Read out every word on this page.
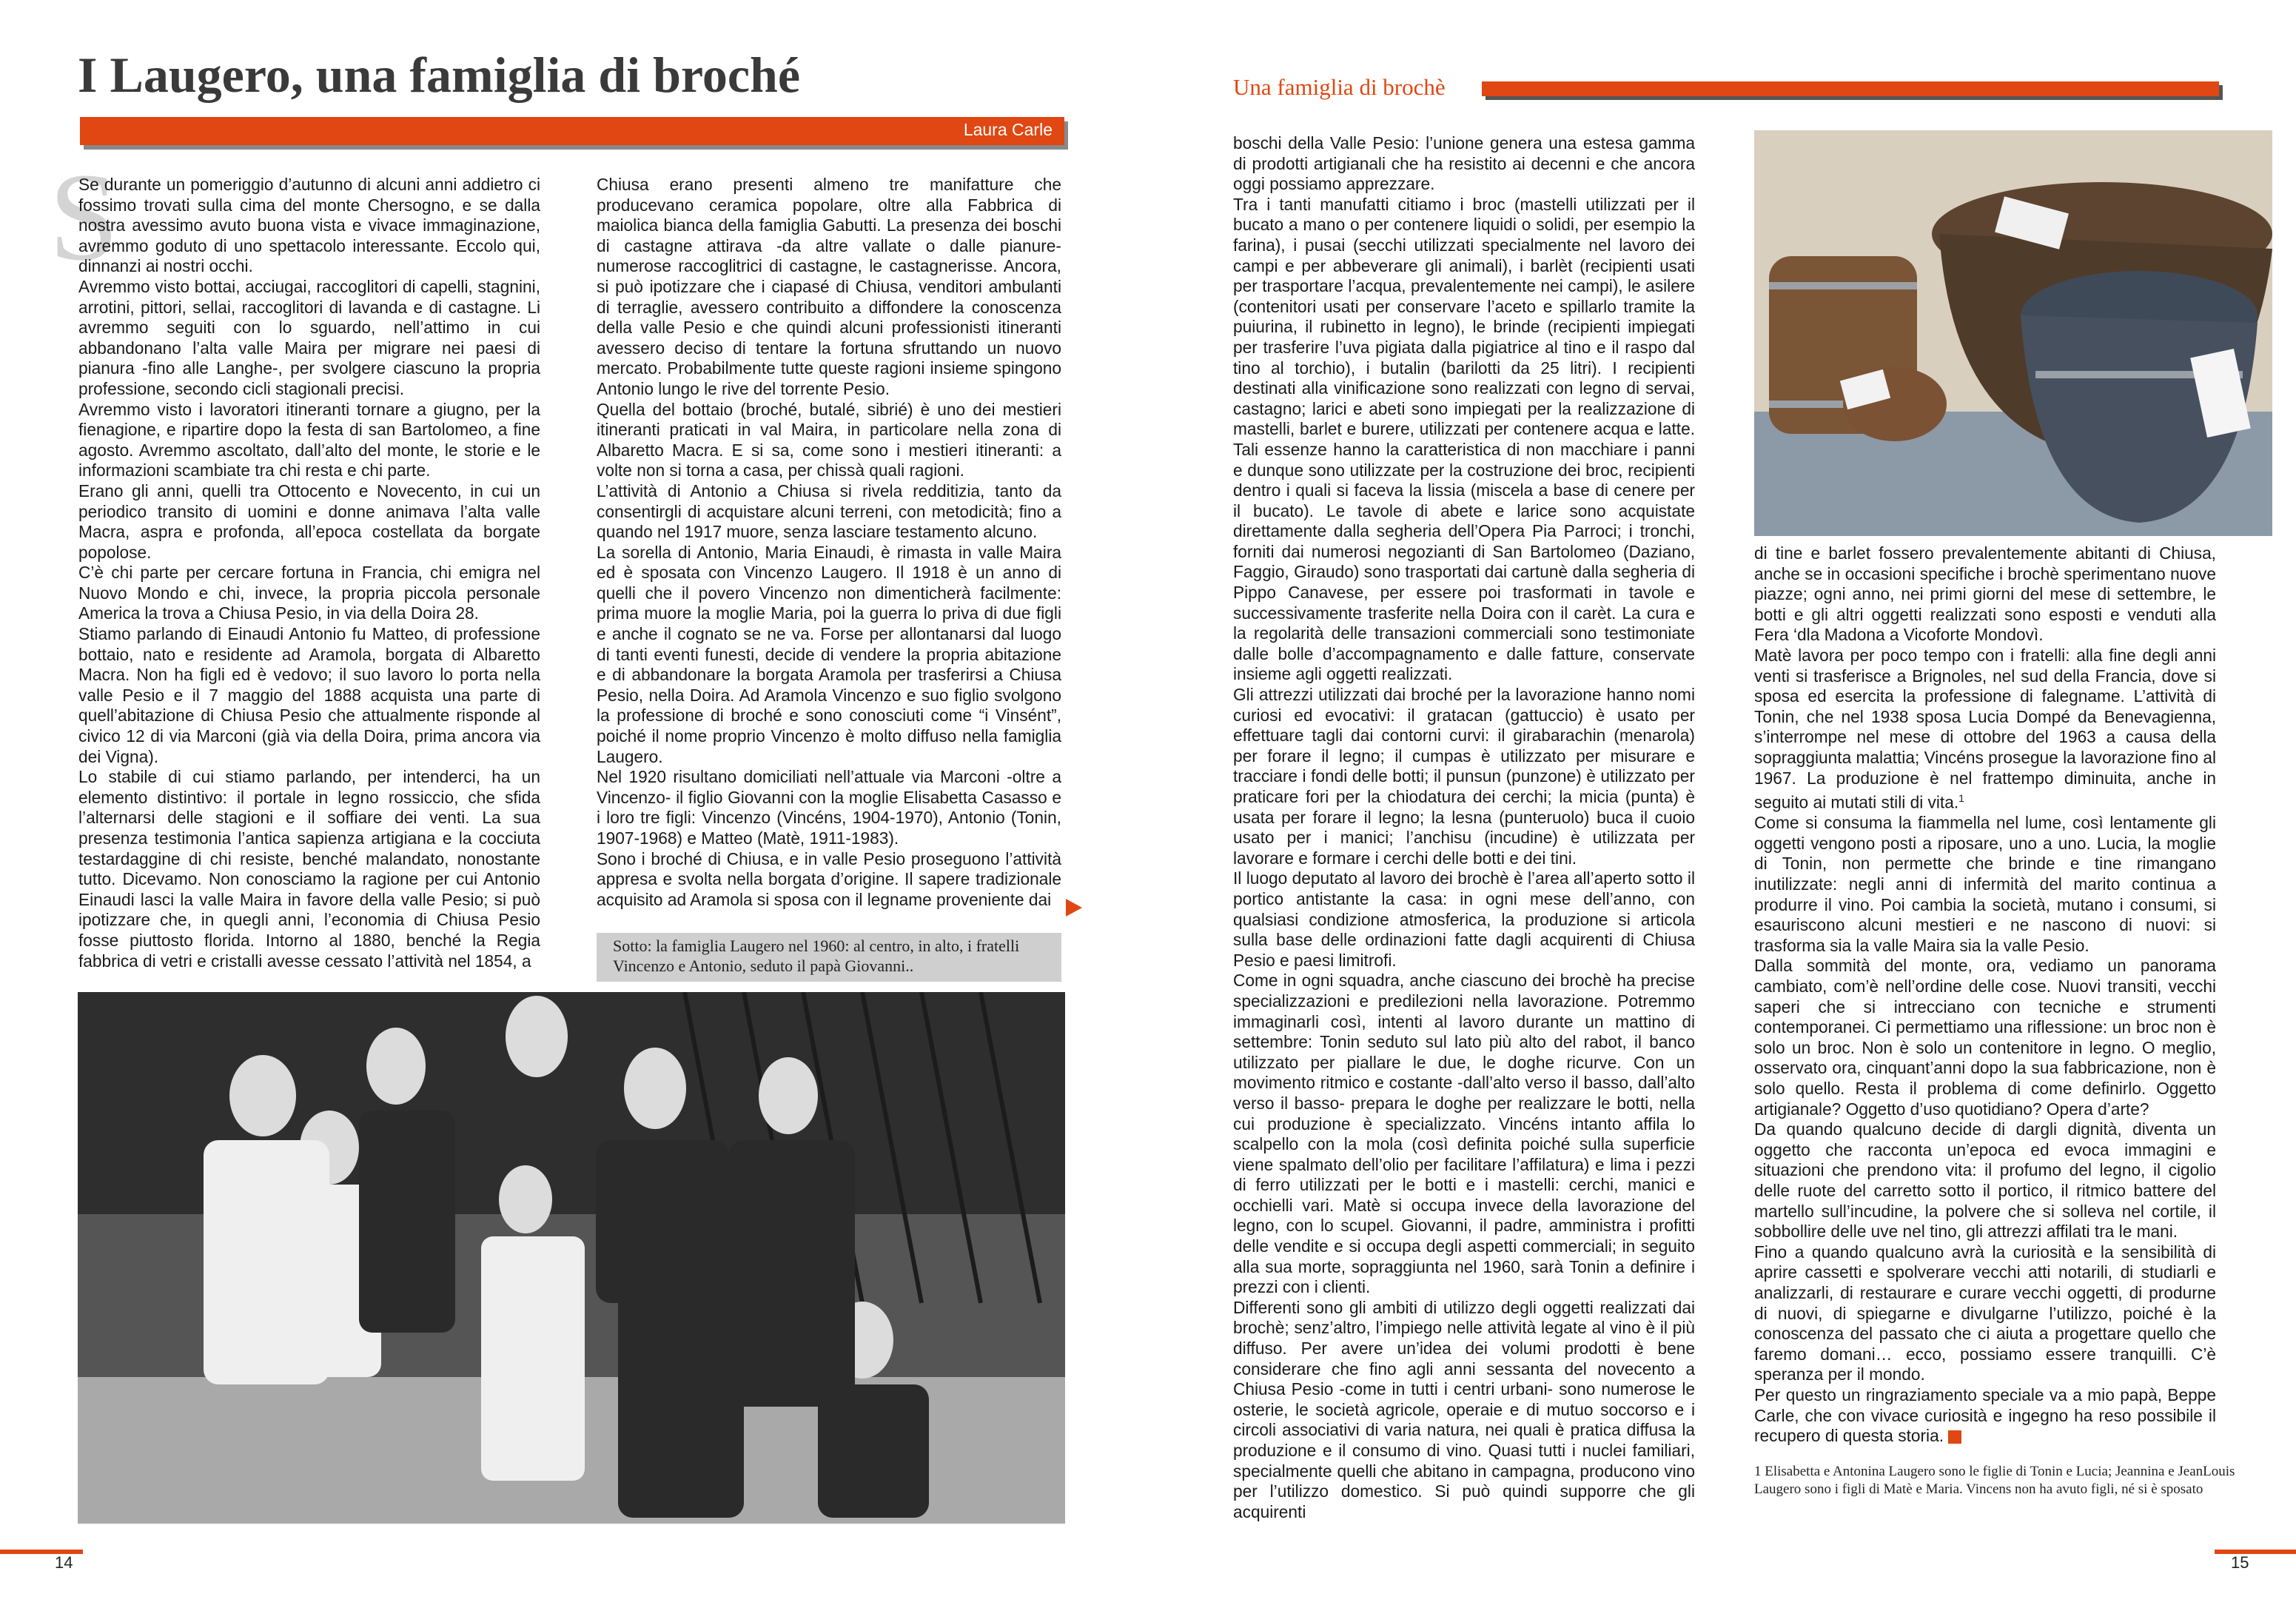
I Laugero, una famiglia di broché
Laura Carle
S

Se durante un pomeriggio d’autunno di alcuni anni addietro ci fossimo trovati sulla cima del monte Chersogno, e se dalla nostra avessimo avuto buona vista e vivace immaginazione, avremmo goduto di uno spettacolo interessante. Eccolo qui, dinnanzi ai nostri occhi.

Avremmo visto bottai, acciugai, raccoglitori di capelli, stagnini, arrotini, pittori, sellai, raccoglitori di lavanda e di castagne. Li avremmo seguiti con lo sguardo, nell’attimo in cui abbandonano l’alta valle Maira per migrare nei paesi di pianura -fino alle Langhe-, per svolgere ciascuno la propria professione, secondo cicli stagionali precisi.

Avremmo visto i lavoratori itineranti tornare a giugno, per la fienagione, e ripartire dopo la festa di san Bartolomeo, a fine agosto. Avremmo ascoltato, dall’alto del monte, le storie e le informazioni scambiate tra chi resta e chi parte.

Erano gli anni, quelli tra Ottocento e Novecento, in cui un periodico transito di uomini e donne animava l’alta valle Macra, aspra e profonda, all’epoca costellata da borgate popolose.

C’è chi parte per cercare fortuna in Francia, chi emigra nel Nuovo Mondo e chi, invece, la propria piccola personale America la trova a Chiusa Pesio, in via della Doira 28.

Stiamo parlando di Einaudi Antonio fu Matteo, di professione bottaio, nato e residente ad Aramola, borgata di Albaretto Macra. Non ha figli ed è vedovo; il suo lavoro lo porta nella valle Pesio e il 7 maggio del 1888 acquista una parte di quell’abitazione di Chiusa Pesio che attualmente risponde al civico 12 di via Marconi (già via della Doira, prima ancora via dei Vigna).

Lo stabile di cui stiamo parlando, per intenderci, ha un elemento distintivo: il portale in legno rossiccio, che sfida l’alternarsi delle stagioni e il soffiare dei venti. La sua presenza testimonia l’antica sapienza artigiana e la cocciuta testardaggine di chi resiste, benché malandato, nonostante tutto. Dicevamo. Non conosciamo la ragione per cui Antonio Einaudi lasci la valle Maira in favore della valle Pesio; si può ipotizzare che, in quegli anni, l’economia di Chiusa Pesio fosse piuttosto florida. Intorno al 1880, benché la Regia fabbrica di vetri e cristalli avesse cessato l’attività nel 1854, a

Chiusa erano presenti almeno tre manifatture che producevano ceramica popolare, oltre alla Fabbrica di maiolica bianca della famiglia Gabutti. La presenza dei boschi di castagne attirava -da altre vallate o dalle pianure- numerose raccoglitrici di castagne, le castagnerisse. Ancora, si può ipotizzare che i ciapasé di Chiusa, venditori ambulanti di terraglie, avessero contribuito a diffondere la conoscenza della valle Pesio e che quindi alcuni professionisti itineranti avessero deciso di tentare la fortuna sfruttando un nuovo mercato. Probabilmente tutte queste ragioni insieme spingono Antonio lungo le rive del torrente Pesio.

Quella del bottaio (broché, butalé, sibrié) è uno dei mestieri itineranti praticati in val Maira, in particolare nella zona di Albaretto Macra. E si sa, come sono i mestieri itineranti: a volte non si torna a casa, per chissà quali ragioni.

L’attività di Antonio a Chiusa si rivela redditizia, tanto da consentirgli di acquistare alcuni terreni, con metodicità; fino a quando nel 1917 muore, senza lasciare testamento alcuno.

La sorella di Antonio, Maria Einaudi, è rimasta in valle Maira ed è sposata con Vincenzo Laugero. Il 1918 è un anno di quelli che il povero Vincenzo non dimenticherà facilmente: prima muore la moglie Maria, poi la guerra lo priva di due figli e anche il cognato se ne va. Forse per allontanarsi dal luogo di tanti eventi funesti, decide di vendere la propria abitazione e di abbandonare la borgata Aramola per trasferirsi a Chiusa Pesio, nella Doira. Ad Aramola Vincenzo e suo figlio svolgono la professione di broché e sono conosciuti come “i Vinsént”, poiché il nome proprio Vincenzo è molto diffuso nella famiglia Laugero.

Nel 1920 risultano domiciliati nell’attuale via Marconi -oltre a Vincenzo- il figlio Giovanni con la moglie Elisabetta Casasso e i loro tre figli: Vincenzo (Vincéns, 1904-1970), Antonio (Tonin, 1907-1968) e Matteo (Matè, 1911-1983).

Sono i broché di Chiusa, e in valle Pesio proseguono l’attività appresa e svolta nella borgata d’origine. Il sapere tradizionale acquisito ad Aramola si sposa con il legname proveniente dai

Sotto: la famiglia Laugero nel 1960: al centro, in alto, i fratelli Vincenzo e Antonio, seduto il papà Giovanni..
14
Una famiglia di brochè

boschi della Valle Pesio: l’unione genera una estesa gamma di prodotti artigianali che ha resistito ai decenni e che ancora oggi possiamo apprezzare.

Tra i tanti manufatti citiamo i broc (mastelli utilizzati per il bucato a mano o per contenere liquidi o solidi, per esempio la farina), i pusai (secchi utilizzati specialmente nel lavoro dei campi e per abbeverare gli animali), i barlèt (recipienti usati per trasportare l’acqua, prevalentemente nei campi), le asilere (contenitori usati per conservare l’aceto e spillarlo tramite la puiurina, il rubinetto in legno), le brinde (recipienti impiegati per trasferire l’uva pigiata dalla pigiatrice al tino e il raspo dal tino al torchio), i butalin (barilotti da 25 litri). I recipienti destinati alla vinificazione sono realizzati con legno di servai, castagno; larici e abeti sono impiegati per la realizzazione di mastelli, barlet e burere, utilizzati per contenere acqua e latte. Tali essenze hanno la caratteristica di non macchiare i panni e dunque sono utilizzate per la costruzione dei broc, recipienti dentro i quali si faceva la lissia (miscela a base di cenere per il bucato). Le tavole di abete e larice sono acquistate direttamente dalla segheria dell’Opera Pia Parroci; i tronchi, forniti dai numerosi negozianti di San Bartolomeo (Daziano, Faggio, Giraudo) sono trasportati dai cartunè dalla segheria di Pippo Canavese, per essere poi trasformati in tavole e successivamente trasferite nella Doira con il carèt. La cura e la regolarità delle transazioni commerciali sono testimoniate dalle bolle d’accompagnamento e dalle fatture, conservate insieme agli oggetti realizzati.

Gli attrezzi utilizzati dai broché per la lavorazione hanno nomi curiosi ed evocativi: il gratacan (gattuccio) è usato per effettuare tagli dai contorni curvi: il girabarachin (menarola) per forare il legno; il cumpas è utilizzato per misurare e tracciare i fondi delle botti; il punsun (punzone) è utilizzato per praticare fori per la chiodatura dei cerchi; la micia (punta) è usata per forare il legno; la lesna (punteruolo) buca il cuoio usato per i manici; l’anchisu (incudine) è utilizzata per lavorare e formare i cerchi delle botti e dei tini.

Il luogo deputato al lavoro dei brochè è l’area all’aperto sotto il portico antistante la casa: in ogni mese dell’anno, con qualsiasi condizione atmosferica, la produzione si articola sulla base delle ordinazioni fatte dagli acquirenti di Chiusa Pesio e paesi limitrofi.

Come in ogni squadra, anche ciascuno dei brochè ha precise specializzazioni e predilezioni nella lavorazione. Potremmo immaginarli così, intenti al lavoro durante un mattino di settembre: Tonin seduto sul lato più alto del rabot, il banco utilizzato per piallare le due, le doghe ricurve. Con un movimento ritmico e costante -dall’alto verso il basso, dall’alto verso il basso- prepara le doghe per realizzare le botti, nella cui produzione è specializzato. Vincéns intanto affila lo scalpello con la mola (così definita poiché sulla superficie viene spalmato dell’olio per facilitare l’affilatura) e lima i pezzi di ferro utilizzati per le botti e i mastelli: cerchi, manici e occhielli vari. Matè si occupa invece della lavorazione del legno, con lo scupel. Giovanni, il padre, amministra i profitti delle vendite e si occupa degli aspetti commerciali; in seguito alla sua morte, sopraggiunta nel 1960, sarà Tonin a definire i prezzi con i clienti.

Differenti sono gli ambiti di utilizzo degli oggetti realizzati dai brochè; senz’altro, l’impiego nelle attività legate al vino è il più diffuso. Per avere un’idea dei volumi prodotti è bene considerare che fino agli anni sessanta del novecento a Chiusa Pesio -come in tutti i centri urbani- sono numerose le osterie, le società agricole, operaie e di mutuo soccorso e i circoli associativi di varia natura, nei quali è pratica diffusa la produzione e il consumo di vino. Quasi tutti i nuclei familiari, specialmente quelli che abitano in campagna, producono vino per l’utilizzo domestico. Si può quindi supporre che gli acquirenti

di tine e barlet fossero prevalentemente abitanti di Chiusa, anche se in occasioni specifiche i brochè sperimentano nuove piazze; ogni anno, nei primi giorni del mese di settembre, le botti e gli altri oggetti realizzati sono esposti e venduti alla Fera ‘dla Madona a Vicoforte Mondovì.

Matè lavora per poco tempo con i fratelli: alla fine degli anni venti si trasferisce a Brignoles, nel sud della Francia, dove si sposa ed esercita la professione di falegname. L’attività di Tonin, che nel 1938 sposa Lucia Dompé da Benevagienna, s’interrompe nel mese di ottobre del 1963 a causa della sopraggiunta malattia; Vincéns prosegue la lavorazione fino al 1967. La produzione è nel frattempo diminuita, anche in seguito ai mutati stili di vita.$^1$

Come si consuma la fiammella nel lume, così lentamente gli oggetti vengono posti a riposare, uno a uno. Lucia, la moglie di Tonin, non permette che brinde e tine rimangano inutilizzate: negli anni di infermità del marito continua a produrre il vino. Poi cambia la società, mutano i consumi, si esauriscono alcuni mestieri e ne nascono di nuovi: si trasforma sia la valle Maira sia la valle Pesio.

Dalla sommità del monte, ora, vediamo un panorama cambiato, com’è nell’ordine delle cose. Nuovi transiti, vecchi saperi che si intrecciano con tecniche e strumenti contemporanei. Ci permettiamo una riflessione: un broc non è solo un broc. Non è solo un contenitore in legno. O meglio, osservato ora, cinquant’anni dopo la sua fabbricazione, non è solo quello. Resta il problema di come definirlo. Oggetto artigianale? Oggetto d’uso quotidiano? Opera d’arte?

Da quando qualcuno decide di dargli dignità, diventa un oggetto che racconta un’epoca ed evoca immagini e situazioni che prendono vita: il profumo del legno, il cigolio delle ruote del carretto sotto il portico, il ritmico battere del martello sull’incudine, la polvere che si solleva nel cortile, il sobbollire delle uve nel tino, gli attrezzi affilati tra le mani.

Fino a quando qualcuno avrà la curiosità e la sensibilità di aprire cassetti e spolverare vecchi atti notarili, di studiarli e analizzarli, di restaurare e curare vecchi oggetti, di produrne di nuovi, di spiegarne e divulgarne l’utilizzo, poiché è la conoscenza del passato che ci aiuta a progettare quello che faremo domani… ecco, possiamo essere tranquilli. C’è speranza per il mondo.

Per questo un ringraziamento speciale va a mio papà, Beppe Carle, che con vivace curiosità e ingegno ha reso possibile il recupero di questa storia.

1 Elisabetta e Antonina Laugero sono le figlie di Tonin e Lucia; Jeannina e JeanLouis Laugero sono i figli di Matè e Maria. Vincens non ha avuto figli, né si è sposato

15
